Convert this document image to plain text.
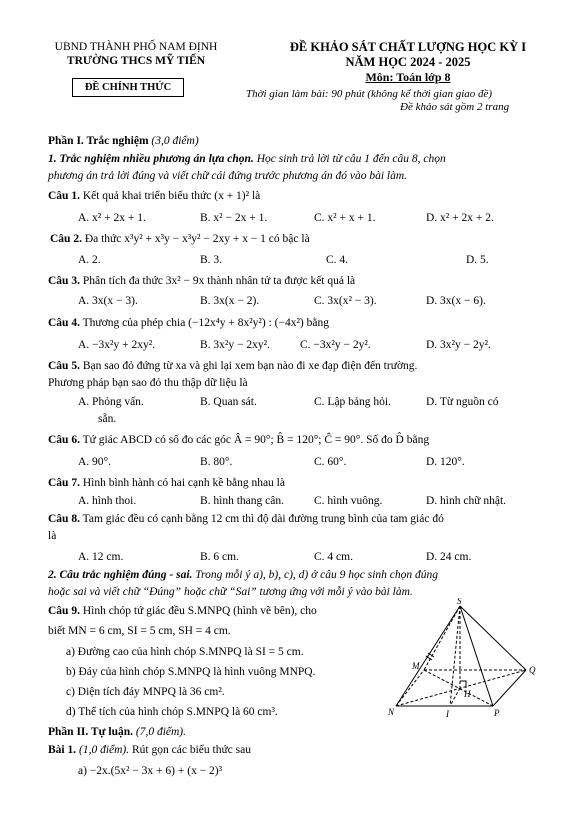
UBND THÀNH PHỐ NAM ĐỊNH
TRƯỜNG THCS MỸ TIẾN
ĐỀ CHÍNH THỨC
ĐỀ KHẢO SÁT CHẤT LƯỢNG HỌC KỲ I
NĂM HỌC 2024 - 2025
Môn: Toán lớp 8
Thời gian làm bài: 90 phút (không kể thời gian giao đề)
Đề khảo sát gồm 2 trang
Phần I. Trắc nghiệm (3,0 điểm)
1. Trắc nghiệm nhiều phương án lựa chọn. Học sinh trả lời từ câu 1 đến câu 8, chọn
phương án trả lời đúng và viết chữ cái đứng trước phương án đó vào bài làm.
Câu 1. Kết quả khai triển biểu thức (x + 1)² là
A. x² + 2x + 1.	B. x² − 2x + 1.	C. x² + x + 1.	D. x² + 2x + 2.
Câu 2. Đa thức x³y² + x³y − x³y² − 2xy + x − 1 có bậc là
A. 2.	B. 3.	C. 4.	D. 5.
Câu 3. Phân tích đa thức 3x² − 9x thành nhân tử ta được kết quả là
A. 3x(x − 3).	B. 3x(x − 2).	C. 3x(x² − 3).	D. 3x(x − 6).
Câu 4. Thương của phép chia (−12x⁴y + 8x²y²) : (−4x²) bằng
A. −3x²y + 2xy².	B. 3x²y − 2xy².	C. −3x²y − 2y².	D. 3x²y − 2y².
Câu 5. Bạn sao đỏ đứng từ xa và ghi lại xem bạn nào đi xe đạp điện đến trường.
Phương pháp bạn sao đỏ thu thập dữ liệu là
A. Phỏng vấn.	B. Quan sát.	C. Lập bảng hỏi.	D. Từ nguồn có
sẵn.
Câu 6. Tứ giác ABCD có số đo các góc Â = 90°; B̂ = 120°; Ĉ = 90°. Số đo D̂ bằng
A. 90°.	B. 80°.	C. 60°.	D. 120°.
Câu 7. Hình bình hành có hai cạnh kề bằng nhau là
A. hình thoi.	B. hình thang cân.	C. hình vuông.	D. hình chữ nhật.
Câu 8. Tam giác đều có cạnh bằng 12 cm thì độ dài đường trung bình của tam giác đó
là
A. 12 cm.	B. 6 cm.	C. 4 cm.	D. 24 cm.
2. Câu trắc nghiệm đúng - sai. Trong mỗi ý a), b), c), d) ở câu 9 học sinh chọn đúng
hoặc sai và viết chữ “Đúng” hoặc chữ “Sai” tương ứng với mỗi ý vào bài làm.
Câu 9. Hình chóp tứ giác đều S.MNPQ (hình vẽ bên), cho
biết MN = 6 cm, SI = 5 cm, SH = 4 cm.
a) Đường cao của hình chóp S.MNPQ là SI = 5 cm.
b) Đáy của hình chóp S.MNPQ là hình vuông MNPQ.
c) Diện tích đáy MNPQ là 36 cm².
d) Thể tích của hình chóp S.MNPQ là 60 cm³.
S
M	Q
H
N	I	P
Phần II. Tự luận. (7,0 điểm).
Bài 1. (1,0 điểm). Rút gọn các biểu thức sau
a) −2x.(5x² − 3x + 6) + (x − 2)³
